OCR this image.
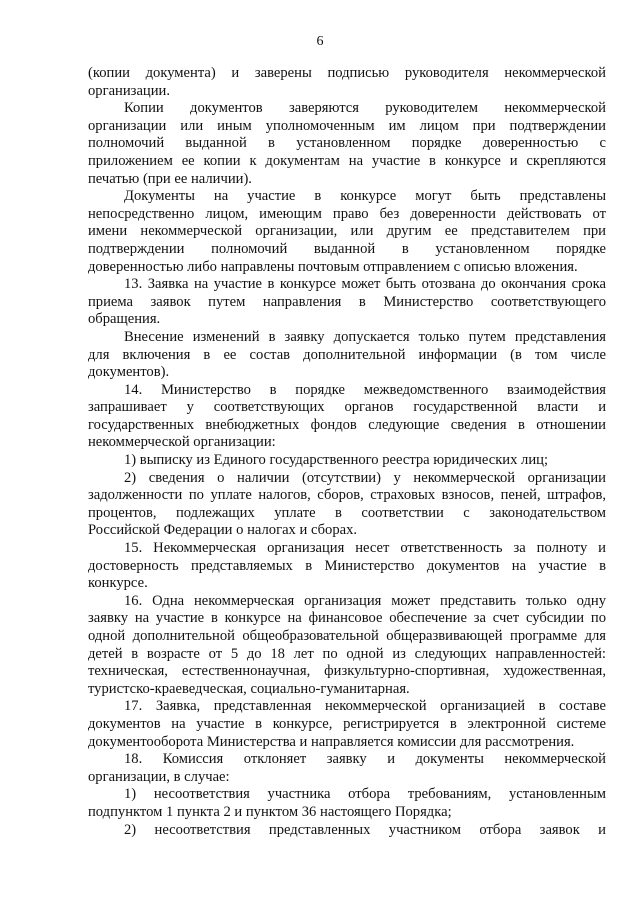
6
(копии документа) и заверены подписью руководителя некоммерческой
организации.
Копии документов заверяются руководителем некоммерческой
организации или иным уполномоченным им лицом при подтверждении
полномочий выданной в установленном порядке доверенностью с
приложением ее копии к документам на участие в конкурсе и скрепляются
печатью (при ее наличии).
Документы на участие в конкурсе могут быть представлены
непосредственно лицом, имеющим право без доверенности действовать от
имени некоммерческой организации, или другим ее представителем при
подтверждении полномочий выданной в установленном порядке
доверенностью либо направлены почтовым отправлением с описью вложения.
13. Заявка на участие в конкурсе может быть отозвана до окончания срока
приема заявок путем направления в Министерство соответствующего
обращения.
Внесение изменений в заявку допускается только путем представления
для включения в ее состав дополнительной информации (в том числе
документов).
14. Министерство в порядке межведомственного взаимодействия
запрашивает у соответствующих органов государственной власти и
государственных внебюджетных фондов следующие сведения в отношении
некоммерческой организации:
1) выписку из Единого государственного реестра юридических лиц;
2) сведения о наличии (отсутствии) у некоммерческой организации
задолженности по уплате налогов, сборов, страховых взносов, пеней, штрафов,
процентов, подлежащих уплате в соответствии с законодательством
Российской Федерации о налогах и сборах.
15. Некоммерческая организация несет ответственность за полноту и
достоверность представляемых в Министерство документов на участие в
конкурсе.
16. Одна некоммерческая организация может представить только одну
заявку на участие в конкурсе на финансовое обеспечение за счет субсидии по
одной дополнительной общеобразовательной общеразвивающей программе для
детей в возрасте от 5 до 18 лет по одной из следующих направленностей:
техническая, естественнонаучная, физкультурно-спортивная, художественная,
туристско-краеведческая, социально-гуманитарная.
17. Заявка, представленная некоммерческой организацией в составе
документов на участие в конкурсе, регистрируется в электронной системе
документооборота Министерства и направляется комиссии для рассмотрения.
18. Комиссия отклоняет заявку и документы некоммерческой
организации, в случае:
1) несоответствия участника отбора требованиям, установленным
подпунктом 1 пункта 2 и пунктом 36 настоящего Порядка;
2) несоответствия представленных участником отбора заявок и
